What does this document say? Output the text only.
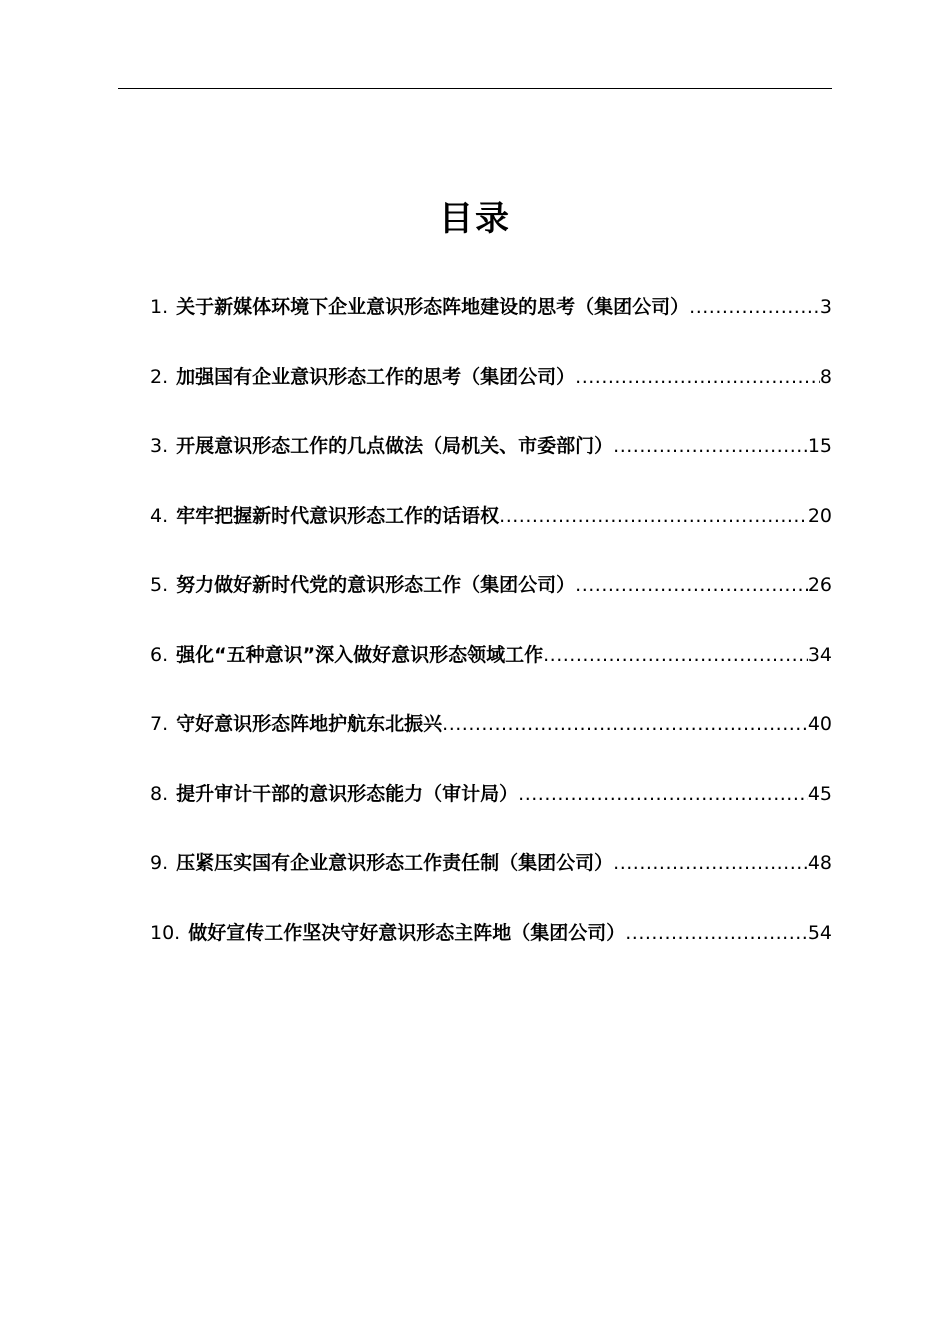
目录
1. 关于新媒体环境下企业意识形态阵地建设的思考（集团公司） .....	3
2. 加强国有企业意识形态工作的思考（集团公司） .....	8
3. 开展意识形态工作的几点做法（局机关、市委部门） .....	15
4. 牢牢把握新时代意识形态工作的话语权 .....	20
5. 努力做好新时代党的意识形态工作（集团公司） .....	26
6. 强化“五种意识”深入做好意识形态领域工作 .....	34
7. 守好意识形态阵地护航东北振兴 .....	40
8. 提升审计干部的意识形态能力（审计局） .....	45
9. 压紧压实国有企业意识形态工作责任制（集团公司） .....	48
10. 做好宣传工作坚决守好意识形态主阵地（集团公司） .....	54
